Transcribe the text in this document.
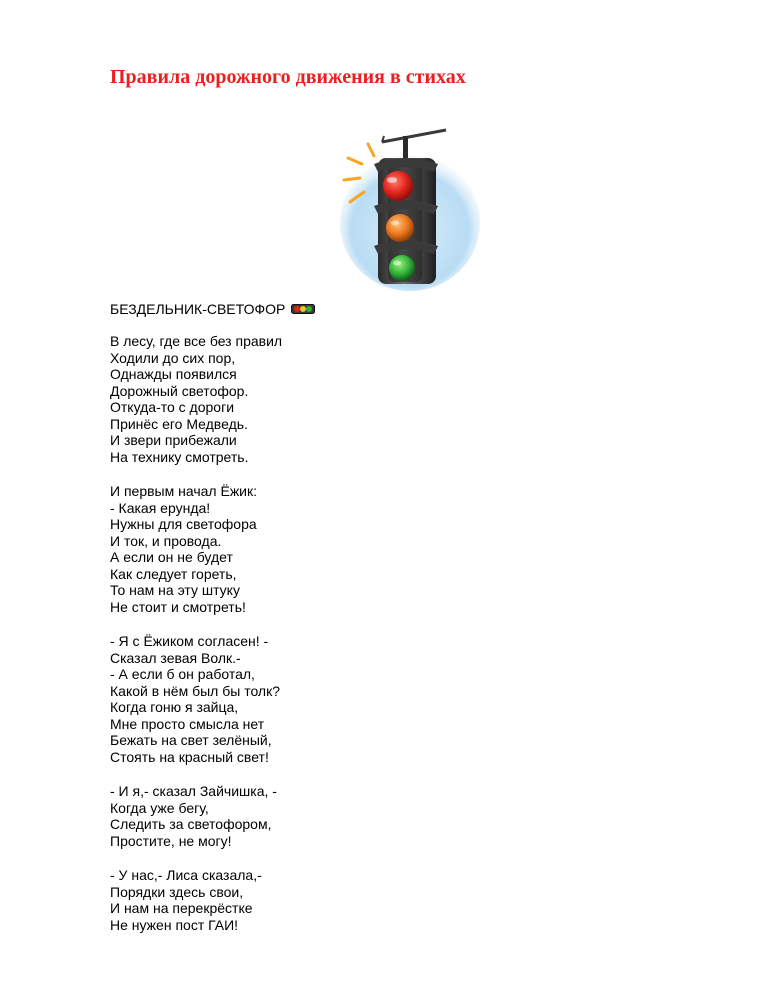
Правила дорожного движения в стихах
БЕЗДЕЛЬНИК-СВЕТОФОР

В лесу, где все без правил
Ходили до сих пор,
Однажды появился
Дорожный светофор.
Откуда-то с дороги
Принёс его Медведь.
И звери прибежали
На технику смотреть.

И первым начал Ёжик:
- Какая ерунда!
Нужны для светофора
И ток, и провода.
А если он не будет
Как следует гореть,
То нам на эту штуку
Не стоит и смотреть!

- Я с Ёжиком согласен! -
Сказал зевая Волк.-
- А если б он работал,
Какой в нём был бы толк?
Когда гоню я зайца,
Мне просто смысла нет
Бежать на свет зелёный,
Стоять на красный свет!

- И я,- сказал Зайчишка, -
Когда уже бегу,
Следить за светофором,
Простите, не могу!

- У нас,- Лиса сказала,-
Порядки здесь свои,
И нам на перекрёстке
Не нужен пост ГАИ!
